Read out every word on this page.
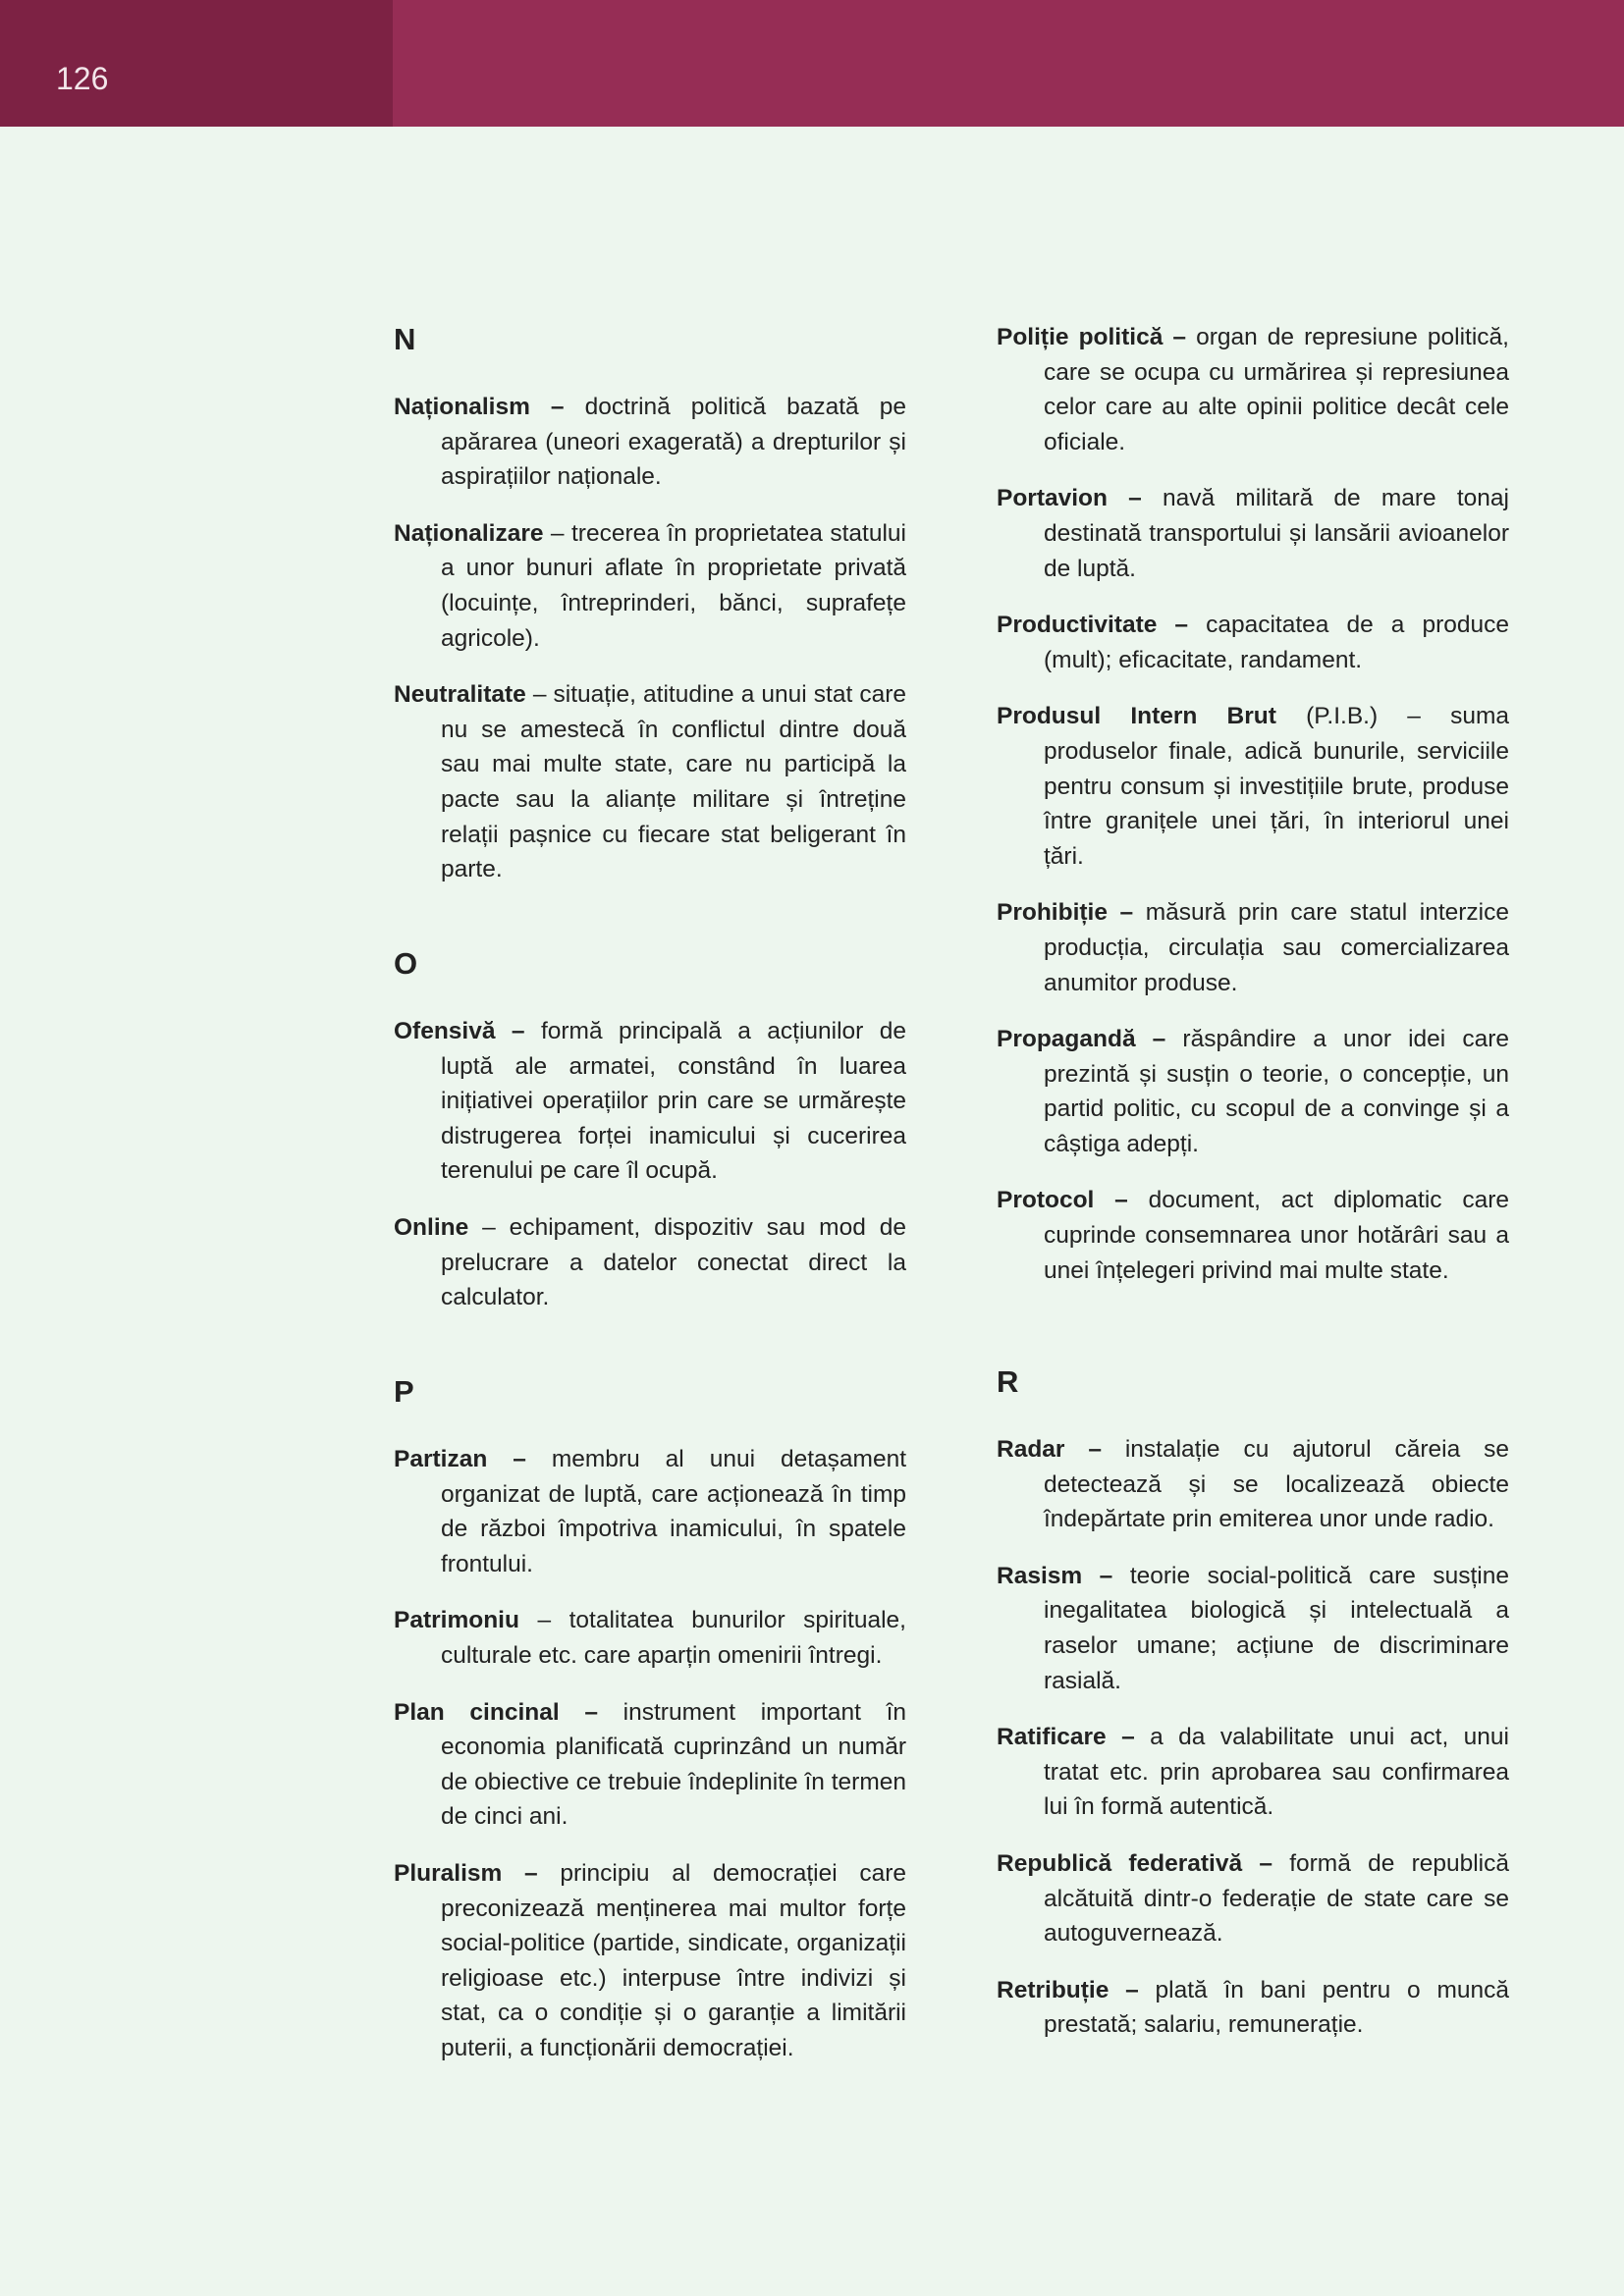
126
N
Naționalism – doctrină politică bazată pe apărarea (uneori exagerată) a drepturilor și aspirațiilor naționale.
Naționalizare – trecerea în proprietatea statului a unor bunuri aflate în proprietate privată (locuințe, întreprinderi, bănci, suprafețe agricole).
Neutralitate – situație, atitudine a unui stat care nu se amestecă în conflictul dintre două sau mai multe state, care nu participă la pacte sau la alianțe militare și întreține relații pașnice cu fiecare stat beligerant în parte.
O
Ofensivă – formă principală a acțiunilor de luptă ale armatei, constând în luarea inițiativei operațiilor prin care se urmărește distrugerea forței inamicului și cucerirea terenului pe care îl ocupă.
Online – echipament, dispozitiv sau mod de prelucrare a datelor conectat direct la calculator.
P
Partizan – membru al unui detașament organizat de luptă, care acționează în timp de război împotriva inamicului, în spatele frontului.
Patrimoniu – totalitatea bunurilor spirituale, culturale etc. care aparțin omenirii întregi.
Plan cincinal – instrument important în economia planificată cuprinzând un număr de obiective ce trebuie îndeplinite în termen de cinci ani.
Pluralism – principiu al democrației care preconizează menținerea mai multor forțe social-politice (partide, sindicate, organizații religioase etc.) interpuse între indivizi și stat, ca o condiție și o garanție a limitării puterii, a funcționării democrației.
Poliție politică – organ de represiune politică, care se ocupa cu urmărirea și represiunea celor care au alte opinii politice decât cele oficiale.
Portavion – navă militară de mare tonaj destinată transportului și lansării avioanelor de luptă.
Productivitate – capacitatea de a produce (mult); eficacitate, randament.
Produsul Intern Brut (P.I.B.) – suma produselor finale, adică bunurile, serviciile pentru consum și investițiile brute, produse între granițele unei țări, în interiorul unei țări.
Prohibiție – măsură prin care statul interzice producția, circulația sau comercializarea anumitor produse.
Propagandă – răspândire a unor idei care prezintă și susțin o teorie, o concepție, un partid politic, cu scopul de a convinge și a câștiga adepți.
Protocol – document, act diplomatic care cuprinde consemnarea unor hotărâri sau a unei înțelegeri privind mai multe state.
R
Radar – instalație cu ajutorul căreia se detectează și se localizează obiecte îndepărtate prin emiterea unor unde radio.
Rasism – teorie social-politică care susține inegalitatea biologică și intelectuală a raselor umane; acțiune de discriminare rasială.
Ratificare – a da valabilitate unui act, unui tratat etc. prin aprobarea sau confirmarea lui în formă autentică.
Republică federativă – formă de republică alcătuită dintr-o federație de state care se autoguvernează.
Retribuție – plată în bani pentru o muncă prestată; salariu, remunerație.
